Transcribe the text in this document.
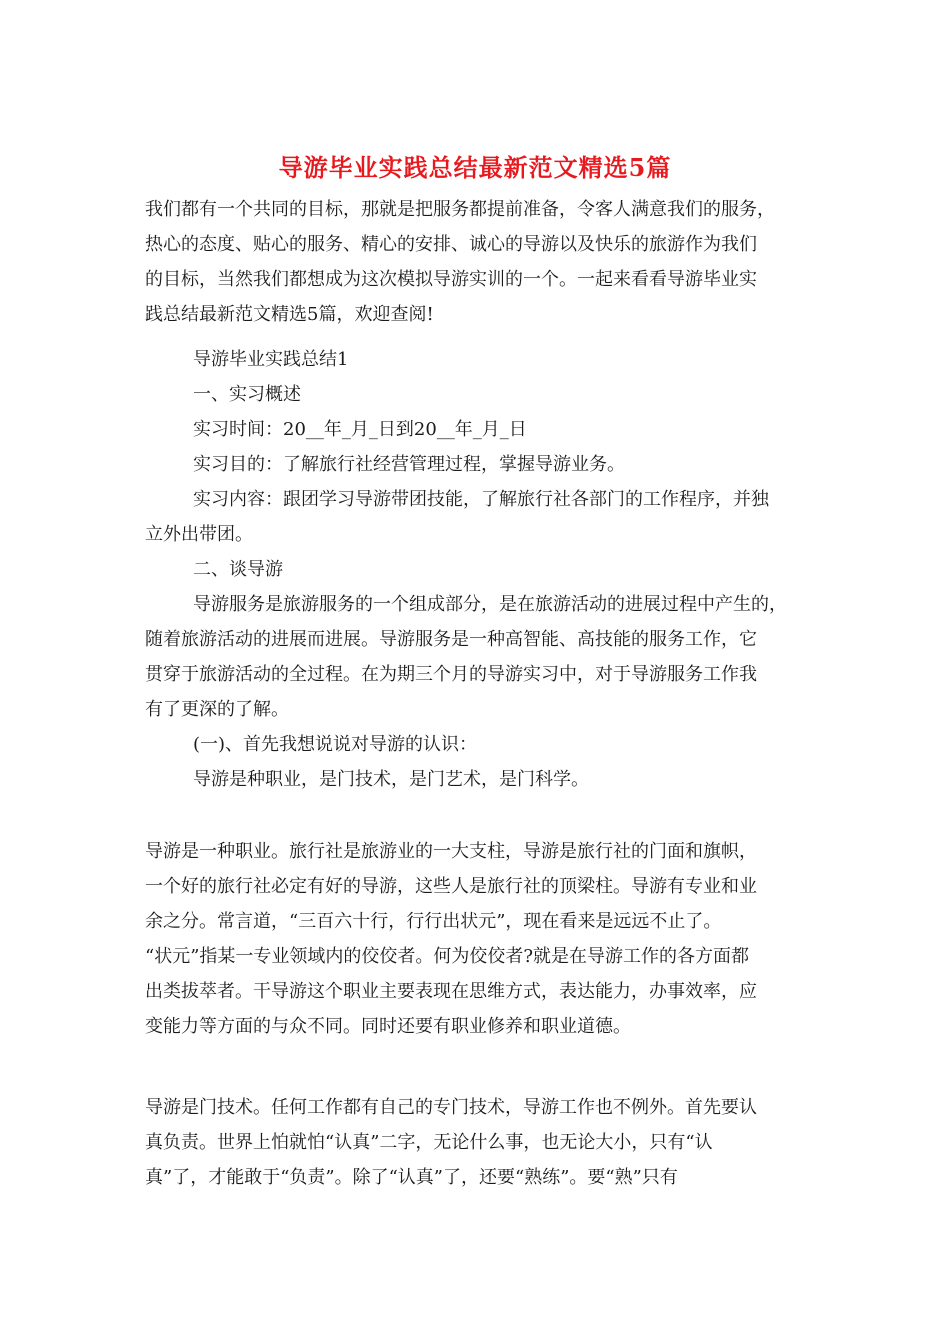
导游毕业实践总结最新范文精选5篇
我们都有一个共同的目标，那就是把服务都提前准备，令客人满意我们的服务，
热心的态度、贴心的服务、精心的安排、诚心的导游以及快乐的旅游作为我们
的目标，当然我们都想成为这次模拟导游实训的一个。一起来看看导游毕业实
践总结最新范文精选5篇，欢迎查阅!
导游毕业实践总结1
一、实习概述
实习时间：20__年_月_日到20__年_月_日
实习目的：了解旅行社经营管理过程，掌握导游业务。
实习内容：跟团学习导游带团技能，了解旅行社各部门的工作程序，并独
立外出带团。
二、谈导游
导游服务是旅游服务的一个组成部分，是在旅游活动的进展过程中产生的，
随着旅游活动的进展而进展。导游服务是一种高智能、高技能的服务工作，它
贯穿于旅游活动的全过程。在为期三个月的导游实习中，对于导游服务工作我
有了更深的了解。
(一)、首先我想说说对导游的认识：
导游是种职业，是门技术，是门艺术，是门科学。
导游是一种职业。旅行社是旅游业的一大支柱，导游是旅行社的门面和旗帜，
一个好的旅行社必定有好的导游，这些人是旅行社的顶梁柱。导游有专业和业
余之分。常言道，“三百六十行，行行出状元”，现在看来是远远不止了。
“状元”指某一专业领域内的佼佼者。何为佼佼者?就是在导游工作的各方面都
出类拔萃者。干导游这个职业主要表现在思维方式，表达能力，办事效率，应
变能力等方面的与众不同。同时还要有职业修养和职业道德。
导游是门技术。任何工作都有自己的专门技术，导游工作也不例外。首先要认
真负责。世界上怕就怕“认真”二字，无论什么事，也无论大小，只有“认
真”了，才能敢于“负责”。除了“认真”了，还要“熟练”。要“熟”只有
